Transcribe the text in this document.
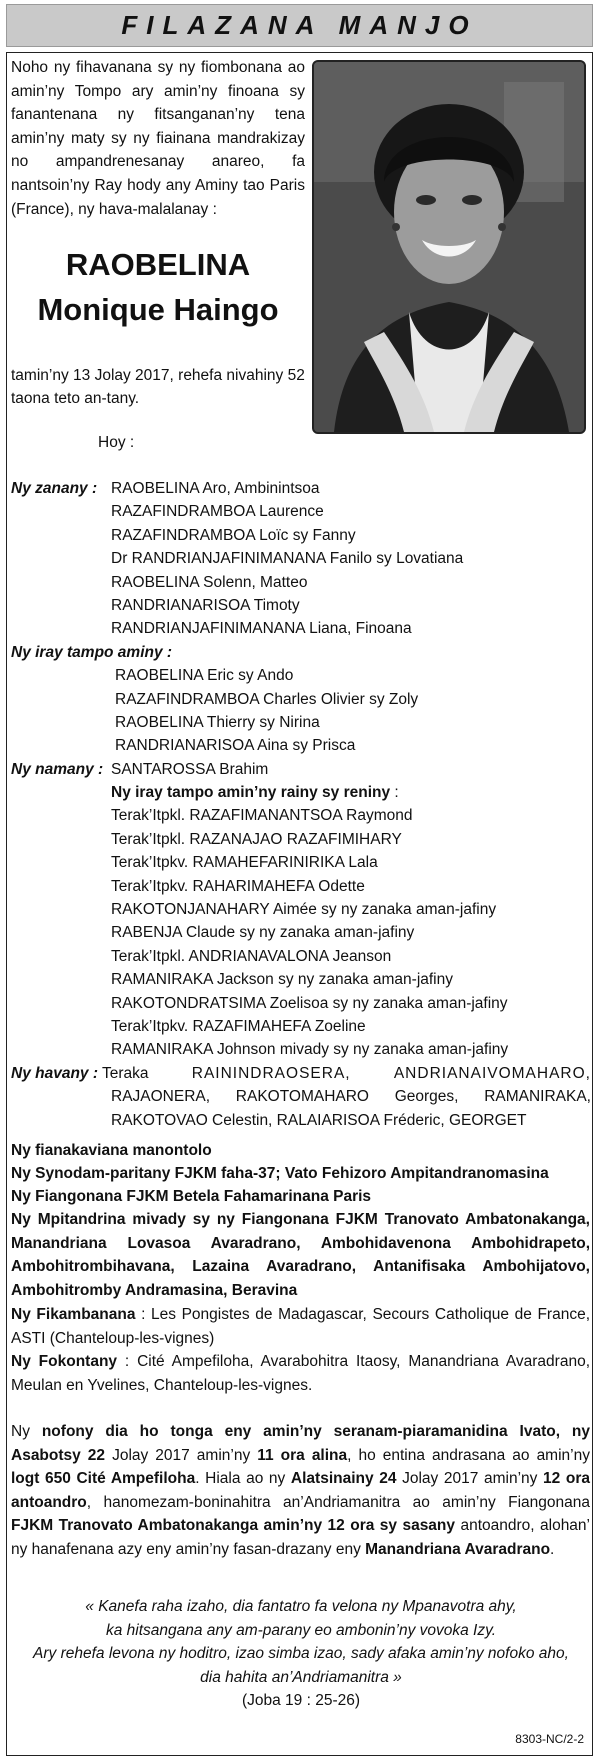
FILAZANA MANJO
Noho ny fihavanana sy ny fiombonana ao amin’ny Tompo ary amin’ny finoana sy fanantenana ny fitsanganan’ny tena amin’ny maty sy ny fiainana mandrakizay no ampandrenesanay anareo, fa nantsoin’ny Ray hody any Aminy tao Paris (France), ny hava-malalanay :
RAOBELINA
Monique Haingo
tamin’ny 13 Jolay 2017, rehefa nivahiny 52 taona teto an-tany.
Hoy :
Ny zanany : RAOBELINA Aro, Ambinintsoa
RAZAFINDRAMBOA Laurence
RAZAFINDRAMBOA Loïc sy Fanny
Dr RANDRIANJAFINIMANANA Fanilo sy Lovatiana
RAOBELINA Solenn, Matteo
RANDRIANARISOA Timoty
RANDRIANJAFINIMANANA Liana, Finoana
Ny iray tampo aminy :
RAOBELINA Eric sy Ando
RAZAFINDRAMBOA Charles Olivier sy Zoly
RAOBELINA Thierry sy Nirina
RANDRIANARISOA Aina sy Prisca
Ny namany : SANTAROSSA Brahim
Ny iray tampo amin’ny rainy sy reniny :
Terak’Itpkl. RAZAFIMANANTSOA Raymond
Terak’Itpkl. RAZANAJAO RAZAFIMIHARY
Terak’Itpkv. RAMAHEFARINIRIKA Lala
Terak’Itpkv. RAHARIMAHEFA Odette
RAKOTONJANAHARY Aimée sy ny zanaka aman-jafiny
RABENJA Claude sy ny zanaka aman-jafiny
Terak’Itpkl. ANDRIANAVALONA Jeanson
RAMANIRAKA Jackson sy ny zanaka aman-jafiny
RAKOTONDRATSIMA Zoelisoa sy ny zanaka aman-jafiny
Terak’Itpkv. RAZAFIMAHEFA Zoeline
RAMANIRAKA Johnson mivady sy ny zanaka aman-jafiny
Ny havany : Teraka	RAININDRAOSERA,	ANDRIANAIVOMAHARO,
RAJAONERA, RAKOTOMAHARO Georges, RAMANIRAKA,
RAKOTOVAO Celestin, RALAIARISOA Fréderic, GEORGET
Ny fianakaviana manontolo
Ny Synodam-paritany FJKM faha-37; Vato Fehizoro Ampitandranomasina
Ny Fiangonana FJKM Betela Fahamarinana Paris
Ny Mpitandrina mivady sy ny Fiangonana FJKM Tranovato Ambatonakanga, Manandriana Lovasoa Avaradrano, Ambohidavenona Ambohidrapeto, Ambohitrombihavana, Lazaina Avaradrano, Antanifisaka Ambohijatovo, Ambohitromby Andramasina, Beravina
Ny Fikambanana : Les Pongistes de Madagascar, Secours Catholique de France, ASTI (Chanteloup-les-vignes)
Ny Fokontany : Cité Ampefiloha, Avarabohitra Itaosy, Manandriana Avaradrano, Meulan en Yvelines, Chanteloup-les-vignes.
Ny nofony dia ho tonga eny amin’ny seranam-piaramanidina Ivato, ny Asabotsy 22 Jolay 2017 amin’ny 11 ora alina, ho entina andrasana ao amin’ny logt 650 Cité Ampefiloha. Hiala ao ny Alatsinainy 24 Jolay 2017 amin’ny 12 ora antoandro, hanomezam-boninahitra an’Andriamanitra ao amin’ny Fiangonana FJKM Tranovato Ambatonakanga amin’ny 12 ora sy sasany antoandro, alohan’ ny hanafenana azy eny amin’ny fasan-drazany eny Manandriana Avaradrano.
« Kanefa raha izaho, dia fantatro fa velona ny Mpanavotra ahy,
ka hitsangana any am-parany eo ambonin’ny vovoka Izy.
Ary rehefa levona ny hoditro, izao simba izao, sady afaka amin’ny nofoko aho,
dia hahita an’Andriamanitra »
(Joba 19 : 25-26)
8303-NC/2-2
